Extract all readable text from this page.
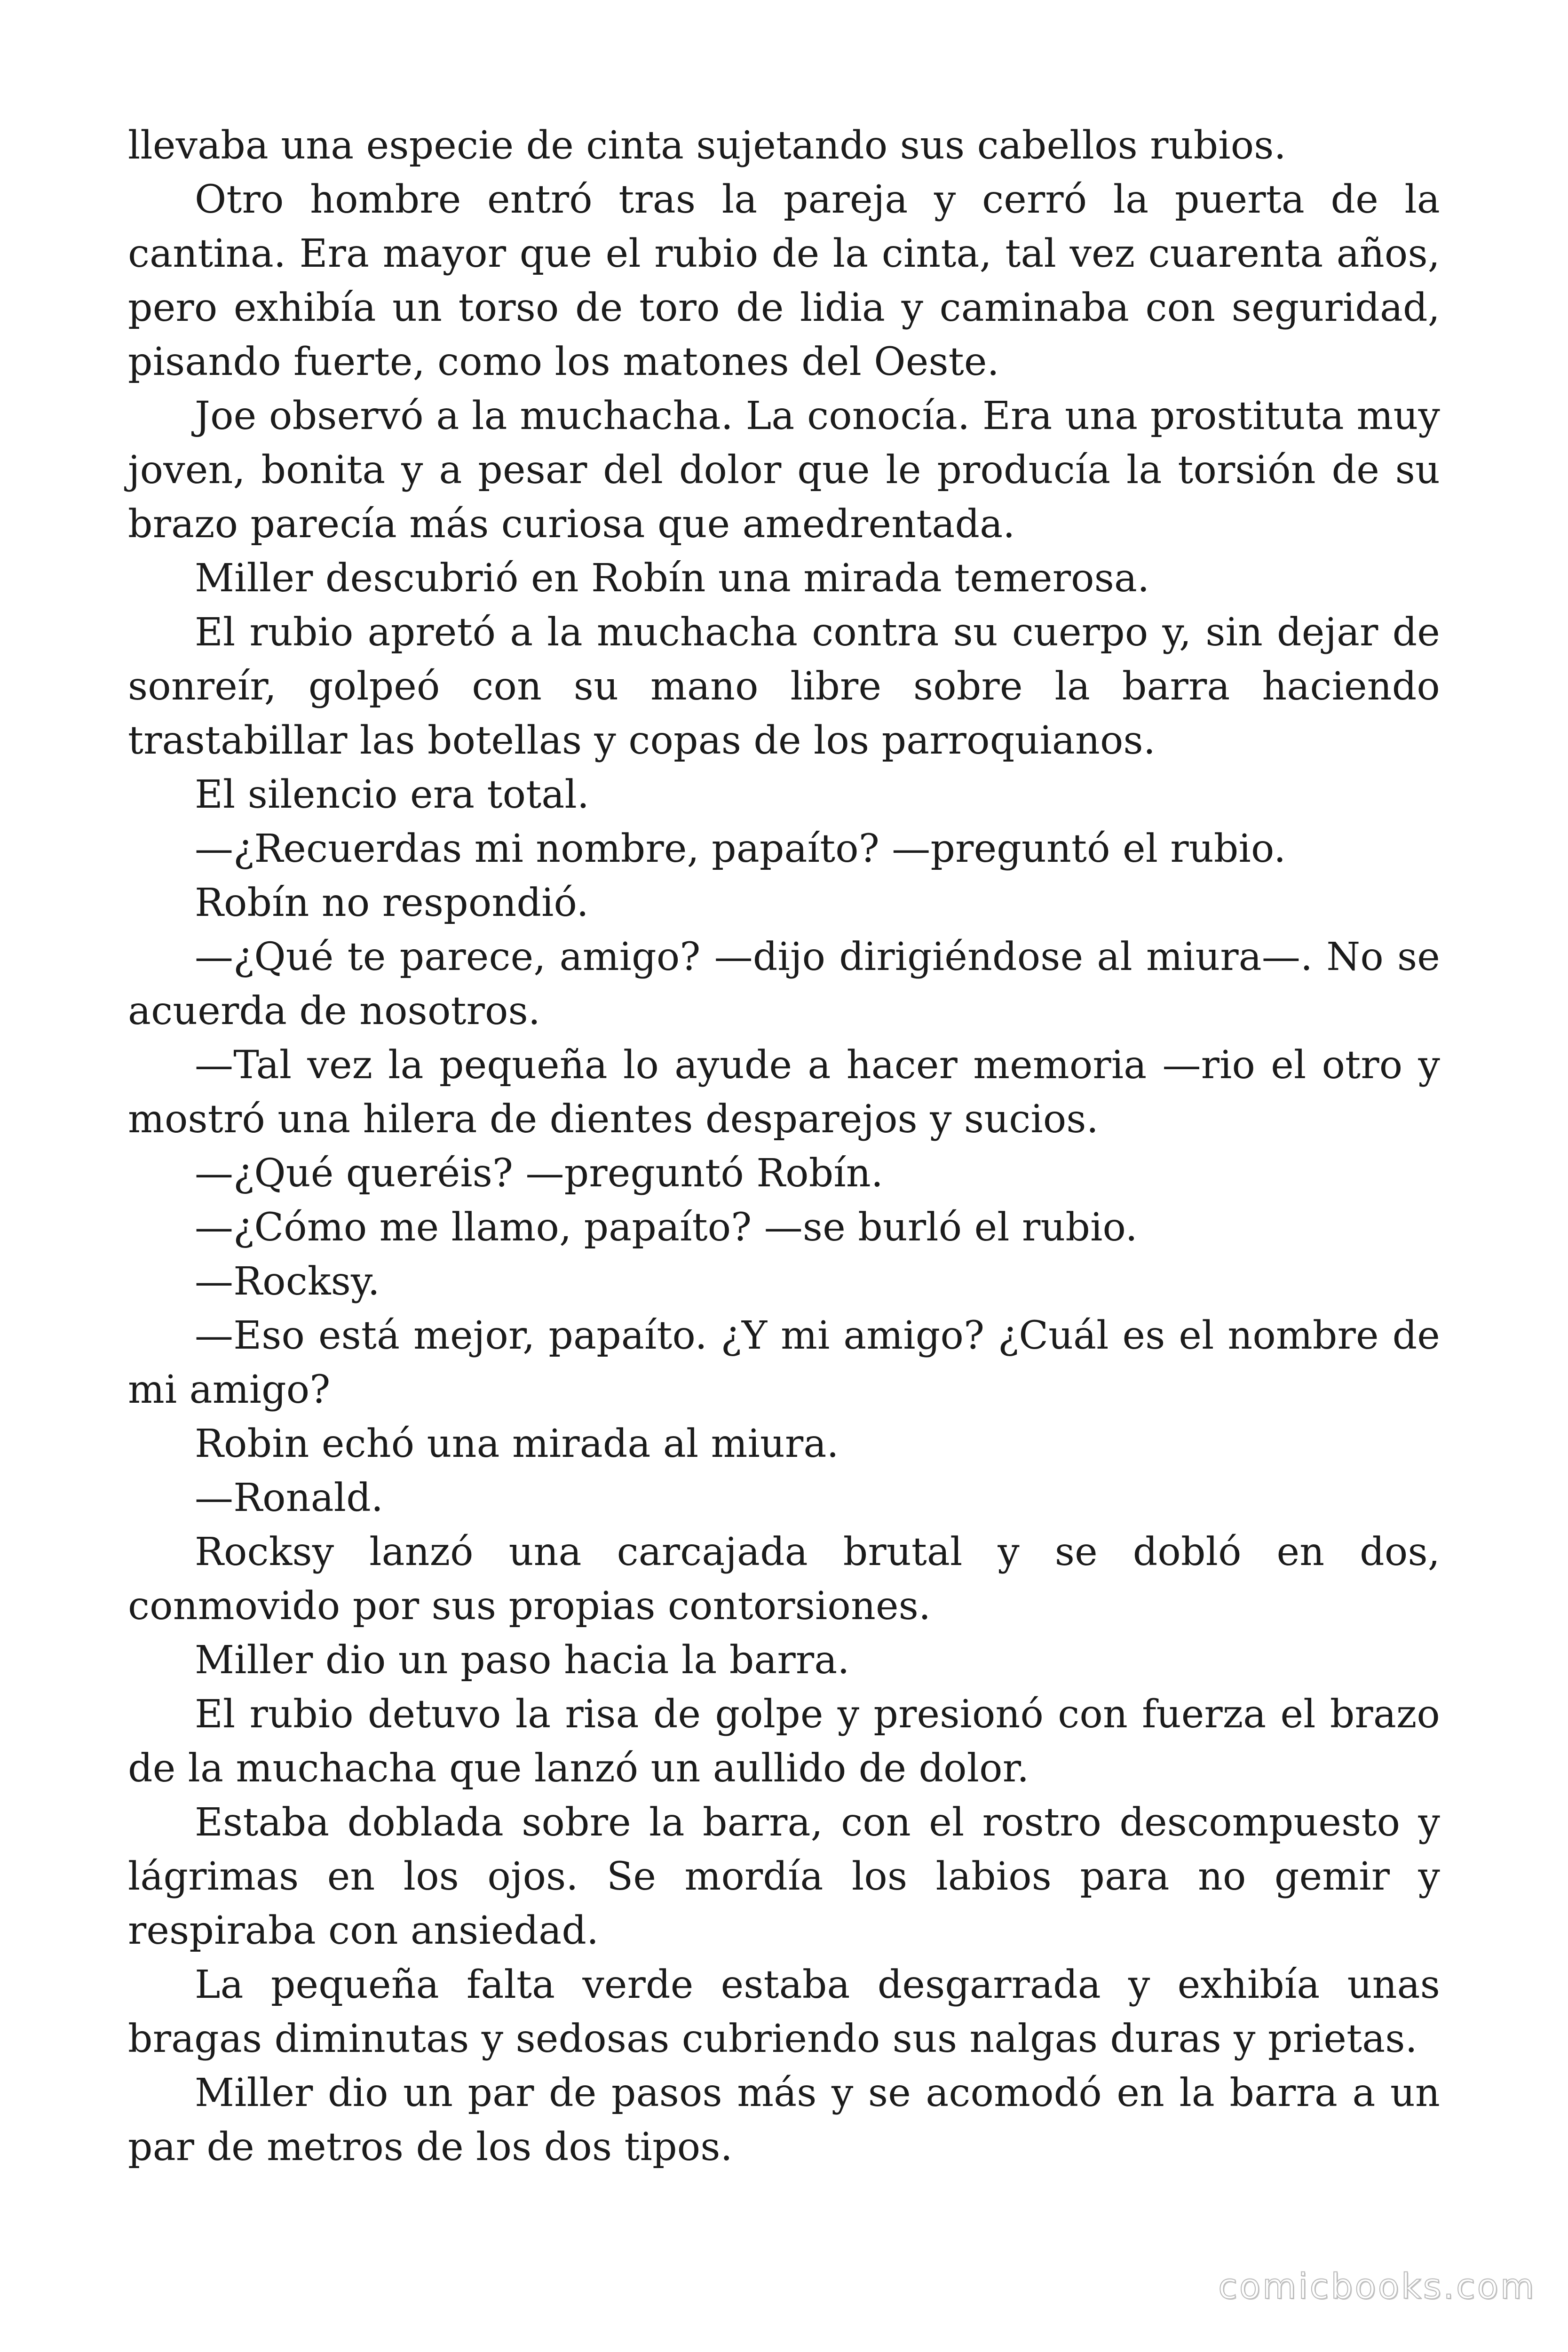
llevaba una especie de cinta sujetando sus cabellos rubios.

Otro hombre entró tras la pareja y cerró la puerta de la cantina. Era mayor que el rubio de la cinta, tal vez cuarenta años, pero exhibía un torso de toro de lidia y caminaba con seguridad, pisando fuerte, como los matones del Oeste.

Joe observó a la muchacha. La conocía. Era una prostituta muy joven, bonita y a pesar del dolor que le producía la torsión de su brazo parecía más curiosa que amedrentada.

Miller descubrió en Robín una mirada temerosa.

El rubio apretó a la muchacha contra su cuerpo y, sin dejar de sonreír, golpeó con su mano libre sobre la barra haciendo trastabillar las botellas y copas de los parroquianos.

El silencio era total.

—¿Recuerdas mi nombre, papaíto? —preguntó el rubio.

Robín no respondió.

—¿Qué te parece, amigo? —dijo dirigiéndose al miura—. No se acuerda de nosotros.

—Tal vez la pequeña lo ayude a hacer memoria —rio el otro y mostró una hilera de dientes desparejos y sucios.

—¿Qué queréis? —preguntó Robín.

—¿Cómo me llamo, papaíto? —se burló el rubio.

—Rocksy.

—Eso está mejor, papaíto. ¿Y mi amigo? ¿Cuál es el nombre de mi amigo?

Robin echó una mirada al miura.

—Ronald.

Rocksy lanzó una carcajada brutal y se dobló en dos, conmovido por sus propias contorsiones.

Miller dio un paso hacia la barra.

El rubio detuvo la risa de golpe y presionó con fuerza el brazo de la muchacha que lanzó un aullido de dolor.

Estaba doblada sobre la barra, con el rostro descompuesto y lágrimas en los ojos. Se mordía los labios para no gemir y respiraba con ansiedad.

La pequeña falta verde estaba desgarrada y exhibía unas bragas diminutas y sedosas cubriendo sus nalgas duras y prietas.

Miller dio un par de pasos más y se acomodó en la barra a un par de metros de los dos tipos.

comicbooks.com
